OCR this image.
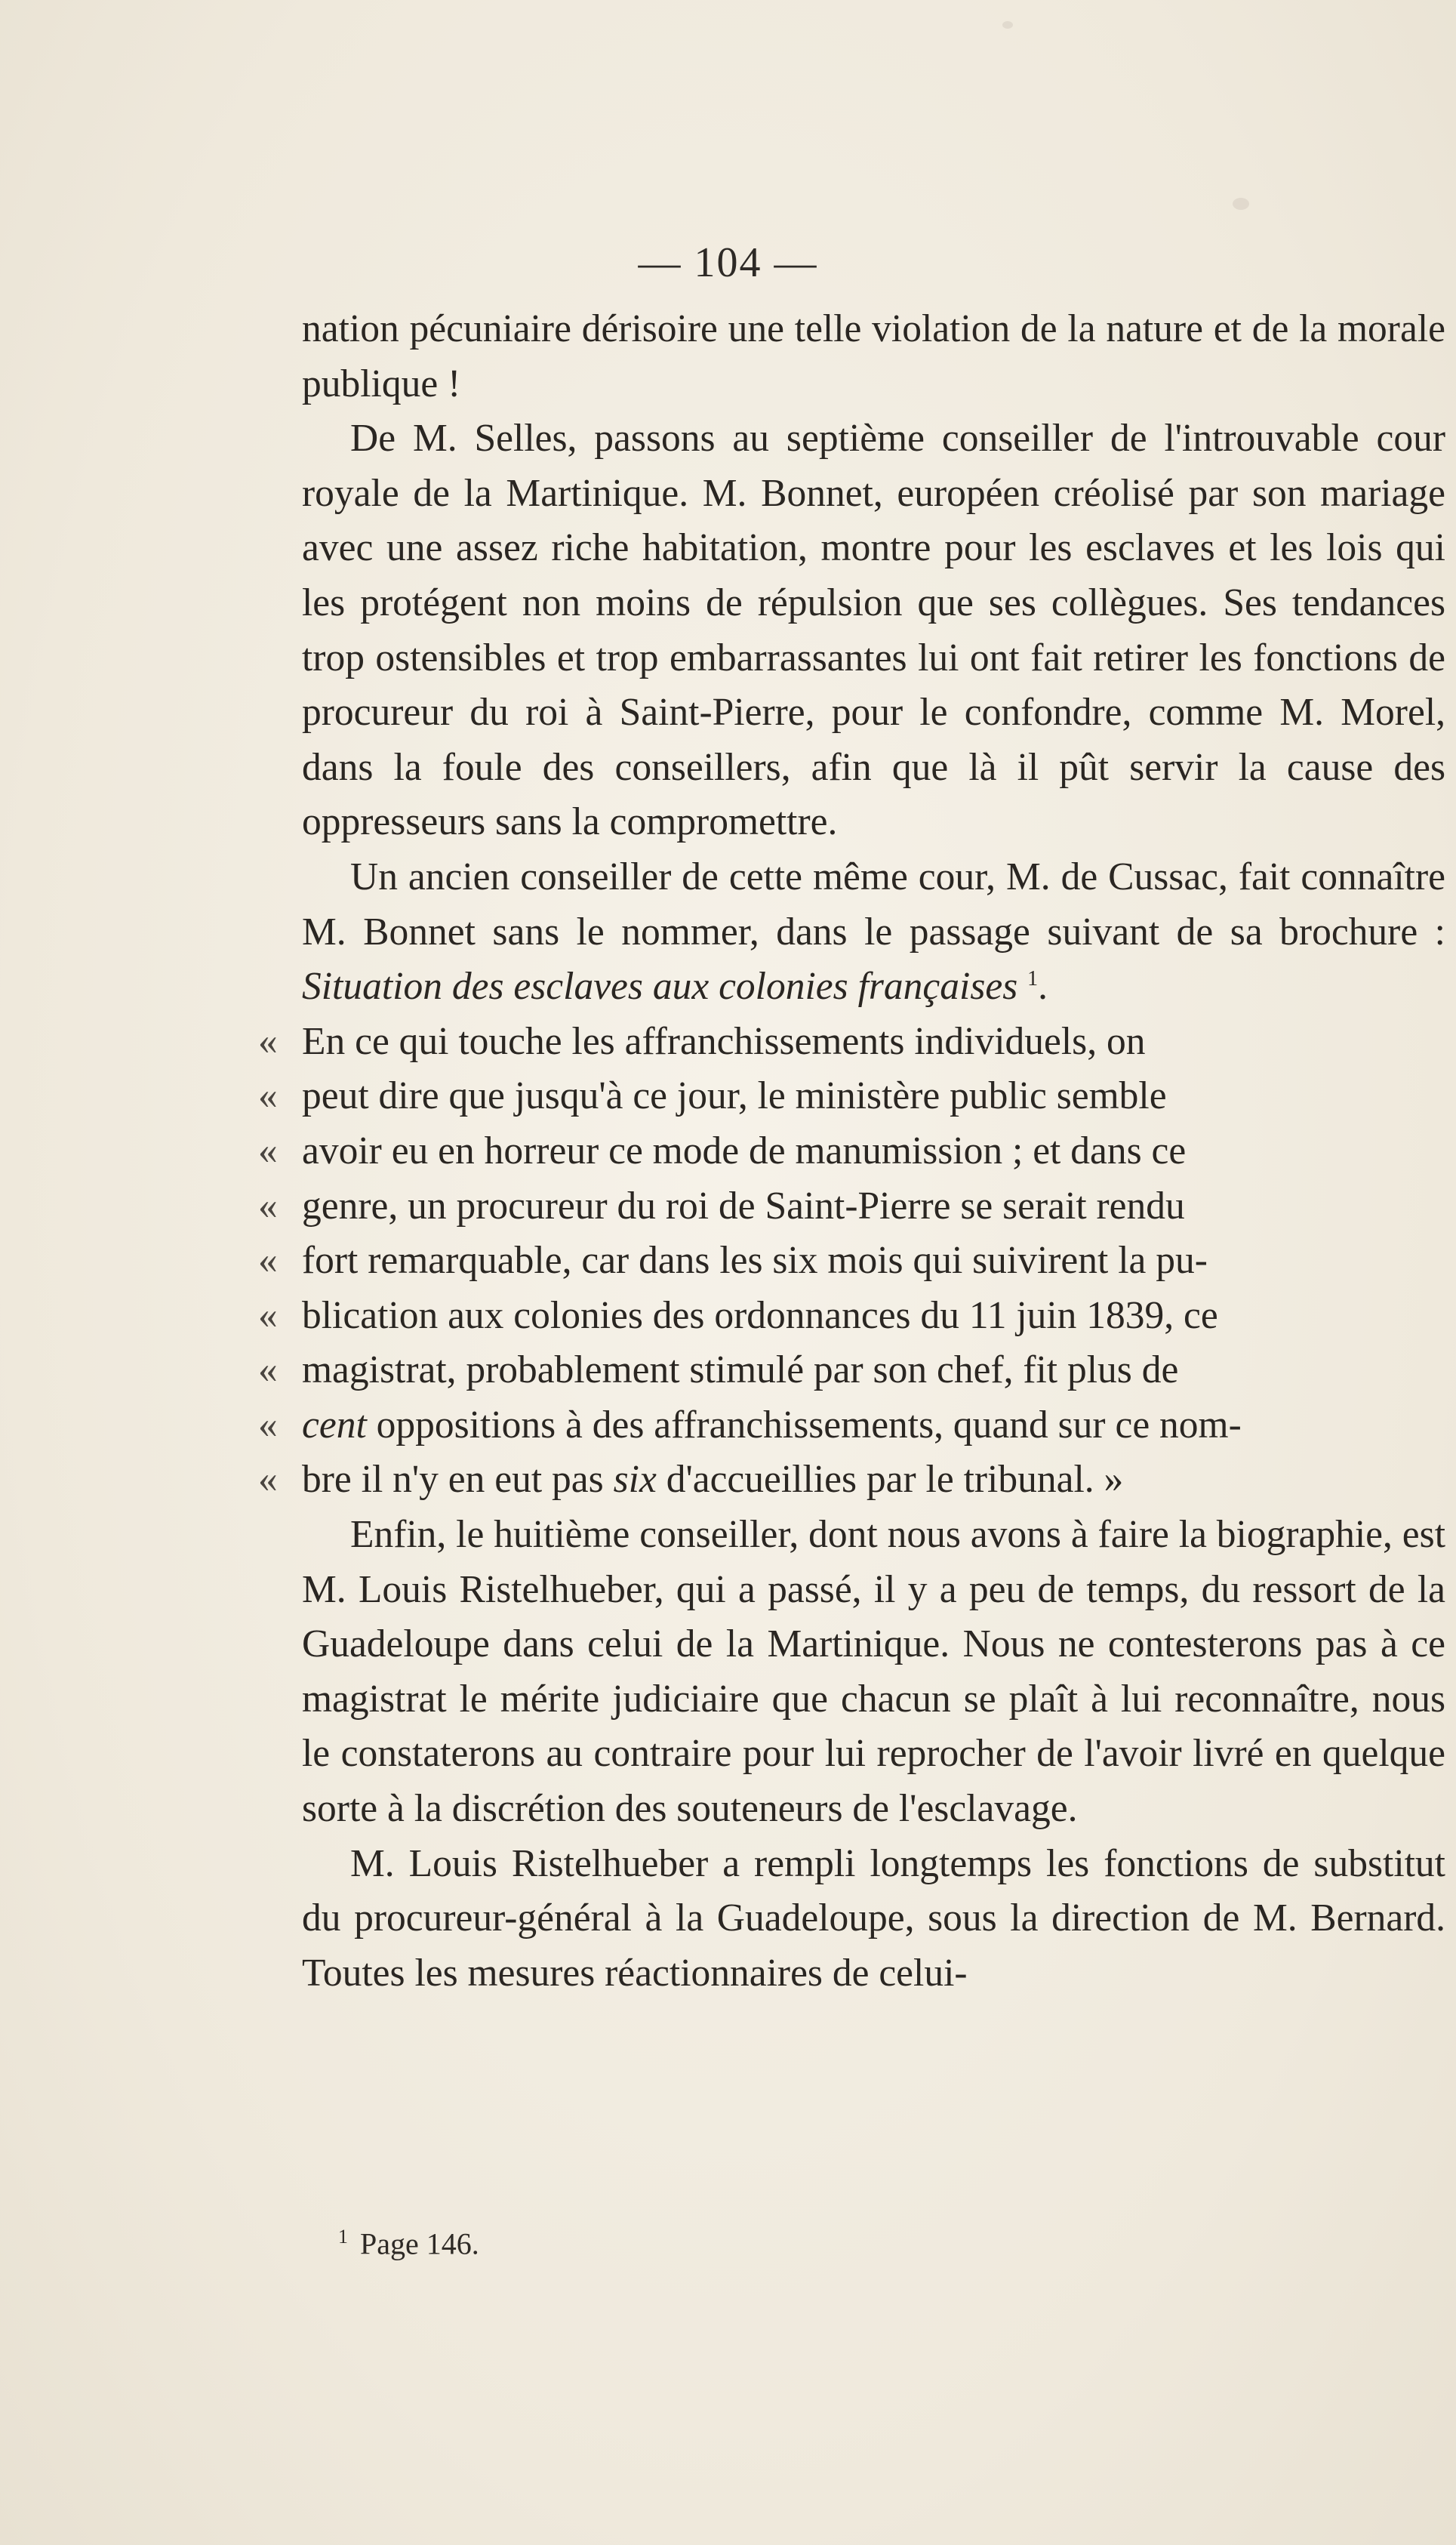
— 104 —

nation pécuniaire dérisoire une telle violation de la nature et de la morale publique !

De M. Selles, passons au septième conseiller de l'introuvable cour royale de la Martinique. M. Bonnet, européen créolisé par son mariage avec une assez riche habitation, montre pour les esclaves et les lois qui les protégent non moins de répulsion que ses collègues. Ses tendances trop ostensibles et trop embarrassantes lui ont fait retirer les fonctions de procureur du roi à Saint-Pierre, pour le confondre, comme M. Morel, dans la foule des conseillers, afin que là il pût servir la cause des oppresseurs sans la compromettre.

Un ancien conseiller de cette même cour, M. de Cussac, fait connaître M. Bonnet sans le nommer, dans le passage suivant de sa brochure : Situation des esclaves aux colonies françaises $^1$.

« En ce qui touche les affranchissements individuels, on

« peut dire que jusqu'à ce jour, le ministère public semble

« avoir eu en horreur ce mode de manumission ; et dans ce

« genre, un procureur du roi de Saint-Pierre se serait rendu

« fort remarquable, car dans les six mois qui suivirent la pu-

« blication aux colonies des ordonnances du 11 juin 1839, ce

« magistrat, probablement stimulé par son chef, fit plus de

« cent oppositions à des affranchissements, quand sur ce nom-

« bre il n'y en eut pas six d'accueillies par le tribunal. »

Enfin, le huitième conseiller, dont nous avons à faire la biographie, est M. Louis Ristelhueber, qui a passé, il y a peu de temps, du ressort de la Guadeloupe dans celui de la Martinique. Nous ne contesterons pas à ce magistrat le mérite judiciaire que chacun se plaît à lui reconnaître, nous le constaterons au contraire pour lui reprocher de l'avoir livré en quelque sorte à la discrétion des souteneurs de l'esclavage.

M. Louis Ristelhueber a rempli longtemps les fonctions de substitut du procureur-général à la Guadeloupe, sous la direction de M. Bernard. Toutes les mesures réactionnaires de celui-

$^1$ Page 146.
